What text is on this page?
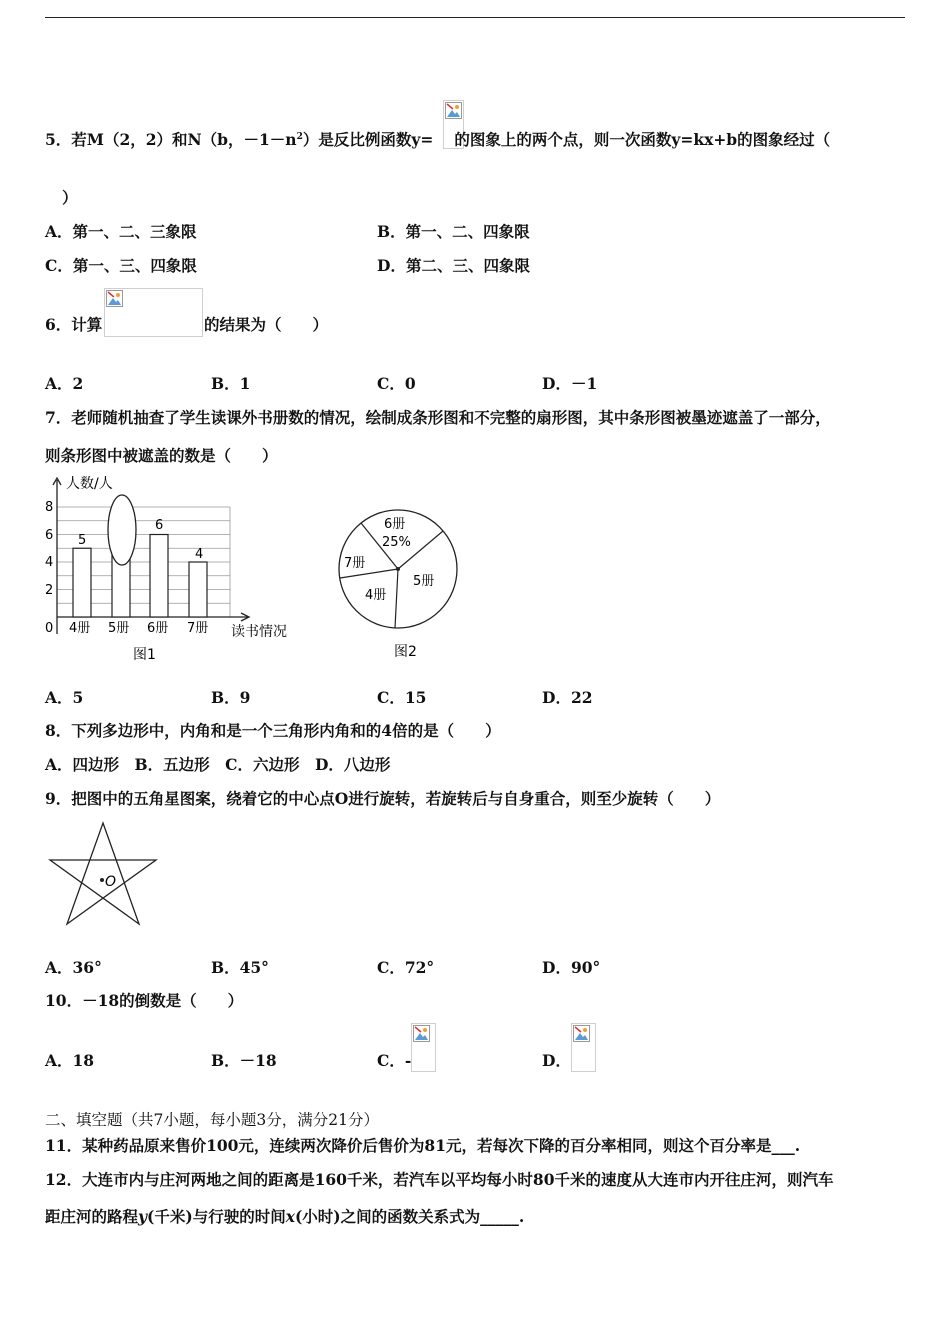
5．若M（2，2）和N（b，$-1-n^2$）是反比例函数y= 的图象上的两个点，则一次函数y=kx+b的图象经过（
）
A．第一、二、三象限	B．第一、二、四象限
C．第一、三、四象限	D．第二、三、四象限
6．计算	的结果为（　　）
A．2	B．1	C．0	D．－1
7．老师随机抽查了学生读课外书册数的情况，绘制成条形图和不完整的扇形图，其中条形图被墨迹遮盖了一部分，
则条形图中被遮盖的数是（　　）
人数/人
读书情况
0
2
4
6
8
4册 5册 6册 7册
5
6
4
图1
6册
25%
5册
4册
7册
图2
A．5	B．9	C．15	D．22
8．下列多边形中，内角和是一个三角形内角和的4倍的是（　　）
A．四边形　B．五边形　C．六边形　D．八边形
9．把图中的五角星图案，绕着它的中心点O进行旋转，若旋转后与自身重合，则至少旋转（　　）
O
A．36°	B．45°	C．72°	D．90°
10．－18的倒数是（　　）
A．18	B．－18	C．-	D．
二、填空题（共7小题，每小题3分，满分21分）
11．某种药品原来售价100元，连续两次降价后售价为81元，若每次下降的百分率相同，则这个百分率是___.
12．大连市内与庄河两地之间的距离是160千米，若汽车以平均每小时80千米的速度从大连市内开往庄河，则汽车
距庄河的路程y(千米)与行驶的时间x(小时)之间的函数关系式为_____.
